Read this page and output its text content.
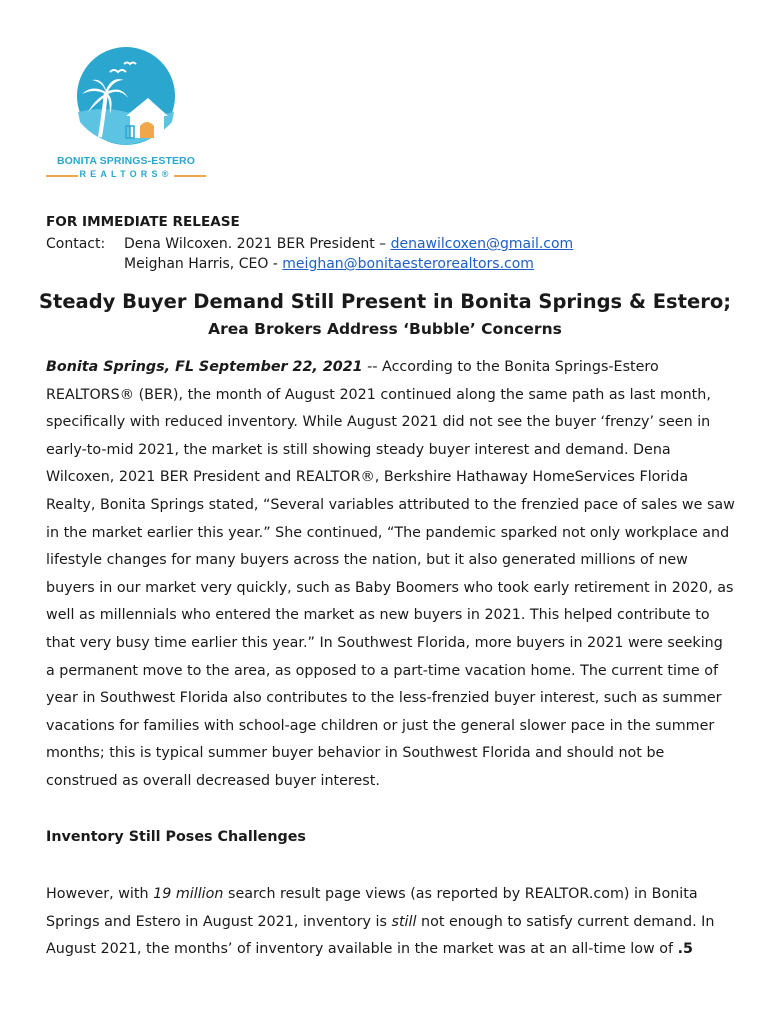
BONITA SPRINGS-ESTERO
REALTORS®
FOR IMMEDIATE RELEASE
Contact: Dena Wilcoxen. 2021 BER President – denawilcoxen@gmail.com
Meighan Harris, CEO - meighan@bonitaesterorealtors.com
Steady Buyer Demand Still Present in Bonita Springs & Estero;
Area Brokers Address ‘Bubble’ Concerns

Bonita Springs, FL September 22, 2021 -- According to the Bonita Springs-Estero REALTORS® (BER), the month of August 2021 continued along the same path as last month, specifically with reduced inventory. While August 2021 did not see the buyer ‘frenzy’ seen in early-to-mid 2021, the market is still showing steady buyer interest and demand. Dena Wilcoxen, 2021 BER President and REALTOR®, Berkshire Hathaway HomeServices Florida Realty, Bonita Springs stated, “Several variables attributed to the frenzied pace of sales we saw in the market earlier this year.” She continued, “The pandemic sparked not only workplace and lifestyle changes for many buyers across the nation, but it also generated millions of new buyers in our market very quickly, such as Baby Boomers who took early retirement in 2020, as well as millennials who entered the market as new buyers in 2021. This helped contribute to that very busy time earlier this year.” In Southwest Florida, more buyers in 2021 were seeking a permanent move to the area, as opposed to a part-time vacation home. The current time of year in Southwest Florida also contributes to the less-frenzied buyer interest, such as summer vacations for families with school-age children or just the general slower pace in the summer months; this is typical summer buyer behavior in Southwest Florida and should not be construed as overall decreased buyer interest.

Inventory Still Poses Challenges

However, with 19 million search result page views (as reported by REALTOR.com) in Bonita Springs and Estero in August 2021, inventory is still not enough to satisfy current demand. In August 2021, the months’ of inventory available in the market was at an all-time low of .5
